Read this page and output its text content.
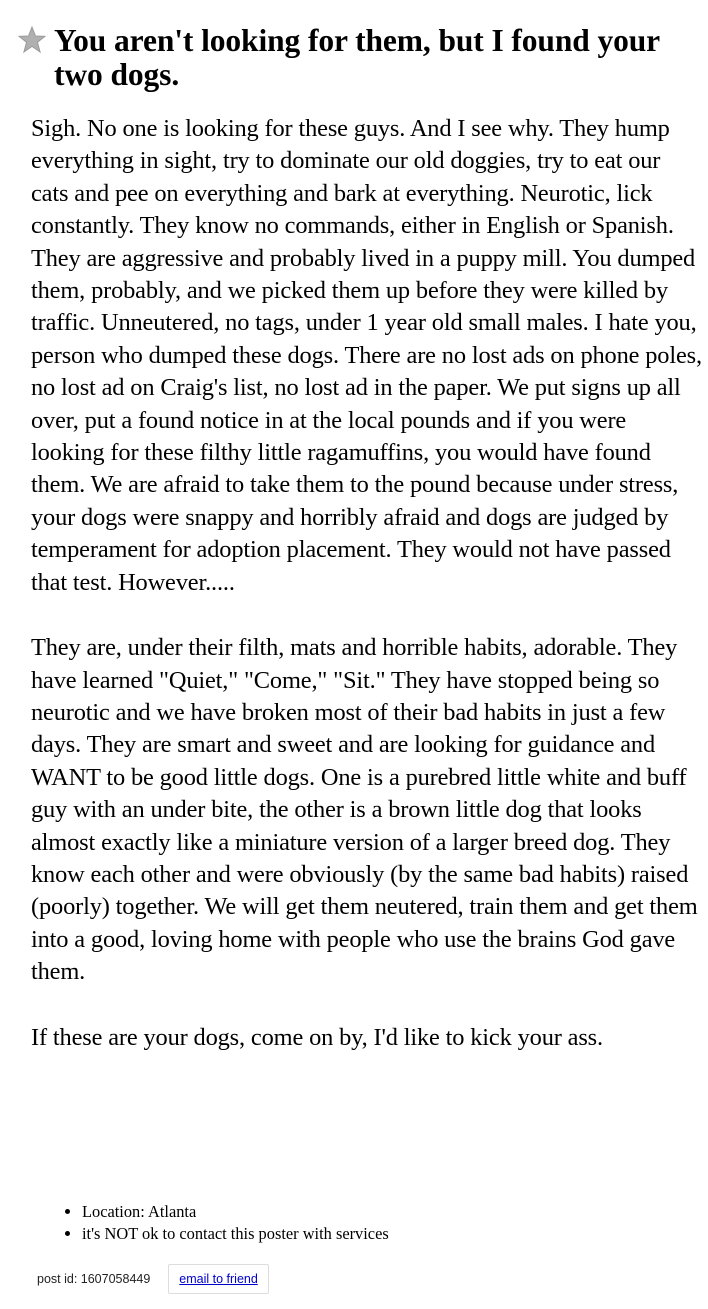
You aren't looking for them, but I found your two dogs.

Sigh. No one is looking for these guys. And I see why. They hump everything in sight, try to dominate our old doggies, try to eat our cats and pee on everything and bark at everything. Neurotic, lick constantly. They know no commands, either in English or Spanish. They are aggressive and probably lived in a puppy mill. You dumped them, probably, and we picked them up before they were killed by traffic. Unneutered, no tags, under 1 year old small males. I hate you, person who dumped these dogs. There are no lost ads on phone poles, no lost ad on Craig's list, no lost ad in the paper. We put signs up all over, put a found notice in at the local pounds and if you were looking for these filthy little ragamuffins, you would have found them. We are afraid to take them to the pound because under stress, your dogs were snappy and horribly afraid and dogs are judged by temperament for adoption placement. They would not have passed that test. However.....

They are, under their filth, mats and horrible habits, adorable. They have learned "Quiet," "Come," "Sit." They have stopped being so neurotic and we have broken most of their bad habits in just a few days. They are smart and sweet and are looking for guidance and WANT to be good little dogs. One is a purebred little white and buff guy with an under bite, the other is a brown little dog that looks almost exactly like a miniature version of a larger breed dog. They know each other and were obviously (by the same bad habits) raised (poorly) together. We will get them neutered, train them and get them into a good, loving home with people who use the brains God gave them.

If these are your dogs, come on by, I'd like to kick your ass.

• Location: Atlanta
• it's NOT ok to contact this poster with services
post id: 1607058449	email to friend
